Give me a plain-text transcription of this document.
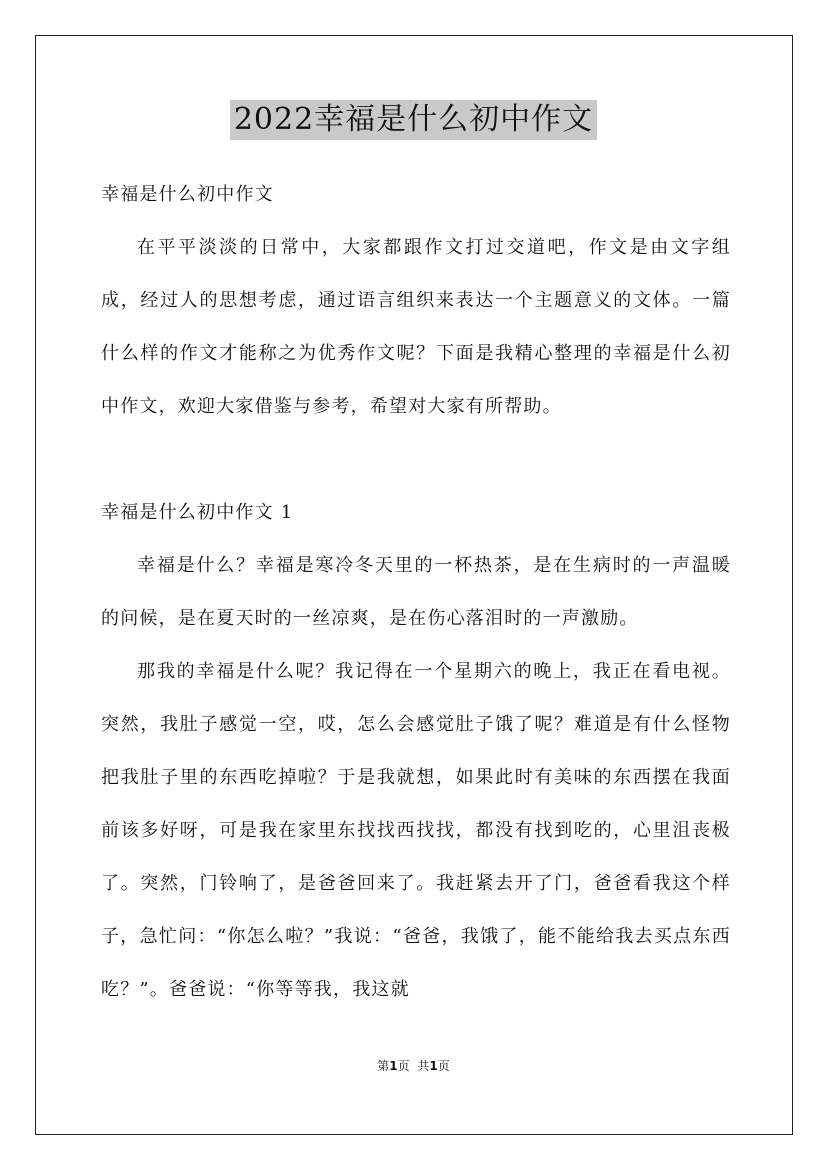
2022幸福是什么初中作文

幸福是什么初中作文

在平平淡淡的日常中，大家都跟作文打过交道吧，作文是由文字组成，经过人的思想考虑，通过语言组织来表达一个主题意义的文体。一篇什么样的作文才能称之为优秀作文呢？下面是我精心整理的幸福是什么初中作文，欢迎大家借鉴与参考，希望对大家有所帮助。

幸福是什么初中作文 1

幸福是什么？幸福是寒冷冬天里的一杯热茶，是在生病时的一声温暖的问候，是在夏天时的一丝凉爽，是在伤心落泪时的一声激励。

那我的幸福是什么呢？我记得在一个星期六的晚上，我正在看电视。突然，我肚子感觉一空，哎，怎么会感觉肚子饿了呢？难道是有什么怪物把我肚子里的东西吃掉啦？于是我就想，如果此时有美味的东西摆在我面前该多好呀，可是我在家里东找找西找找，都没有找到吃的，心里沮丧极了。突然，门铃响了，是爸爸回来了。我赶紧去开了门，爸爸看我这个样子，急忙问：“你怎么啦？”我说：“爸爸，我饿了，能不能给我去买点东西吃？”。爸爸说：“你等等我，我这就

第1页 共1页
